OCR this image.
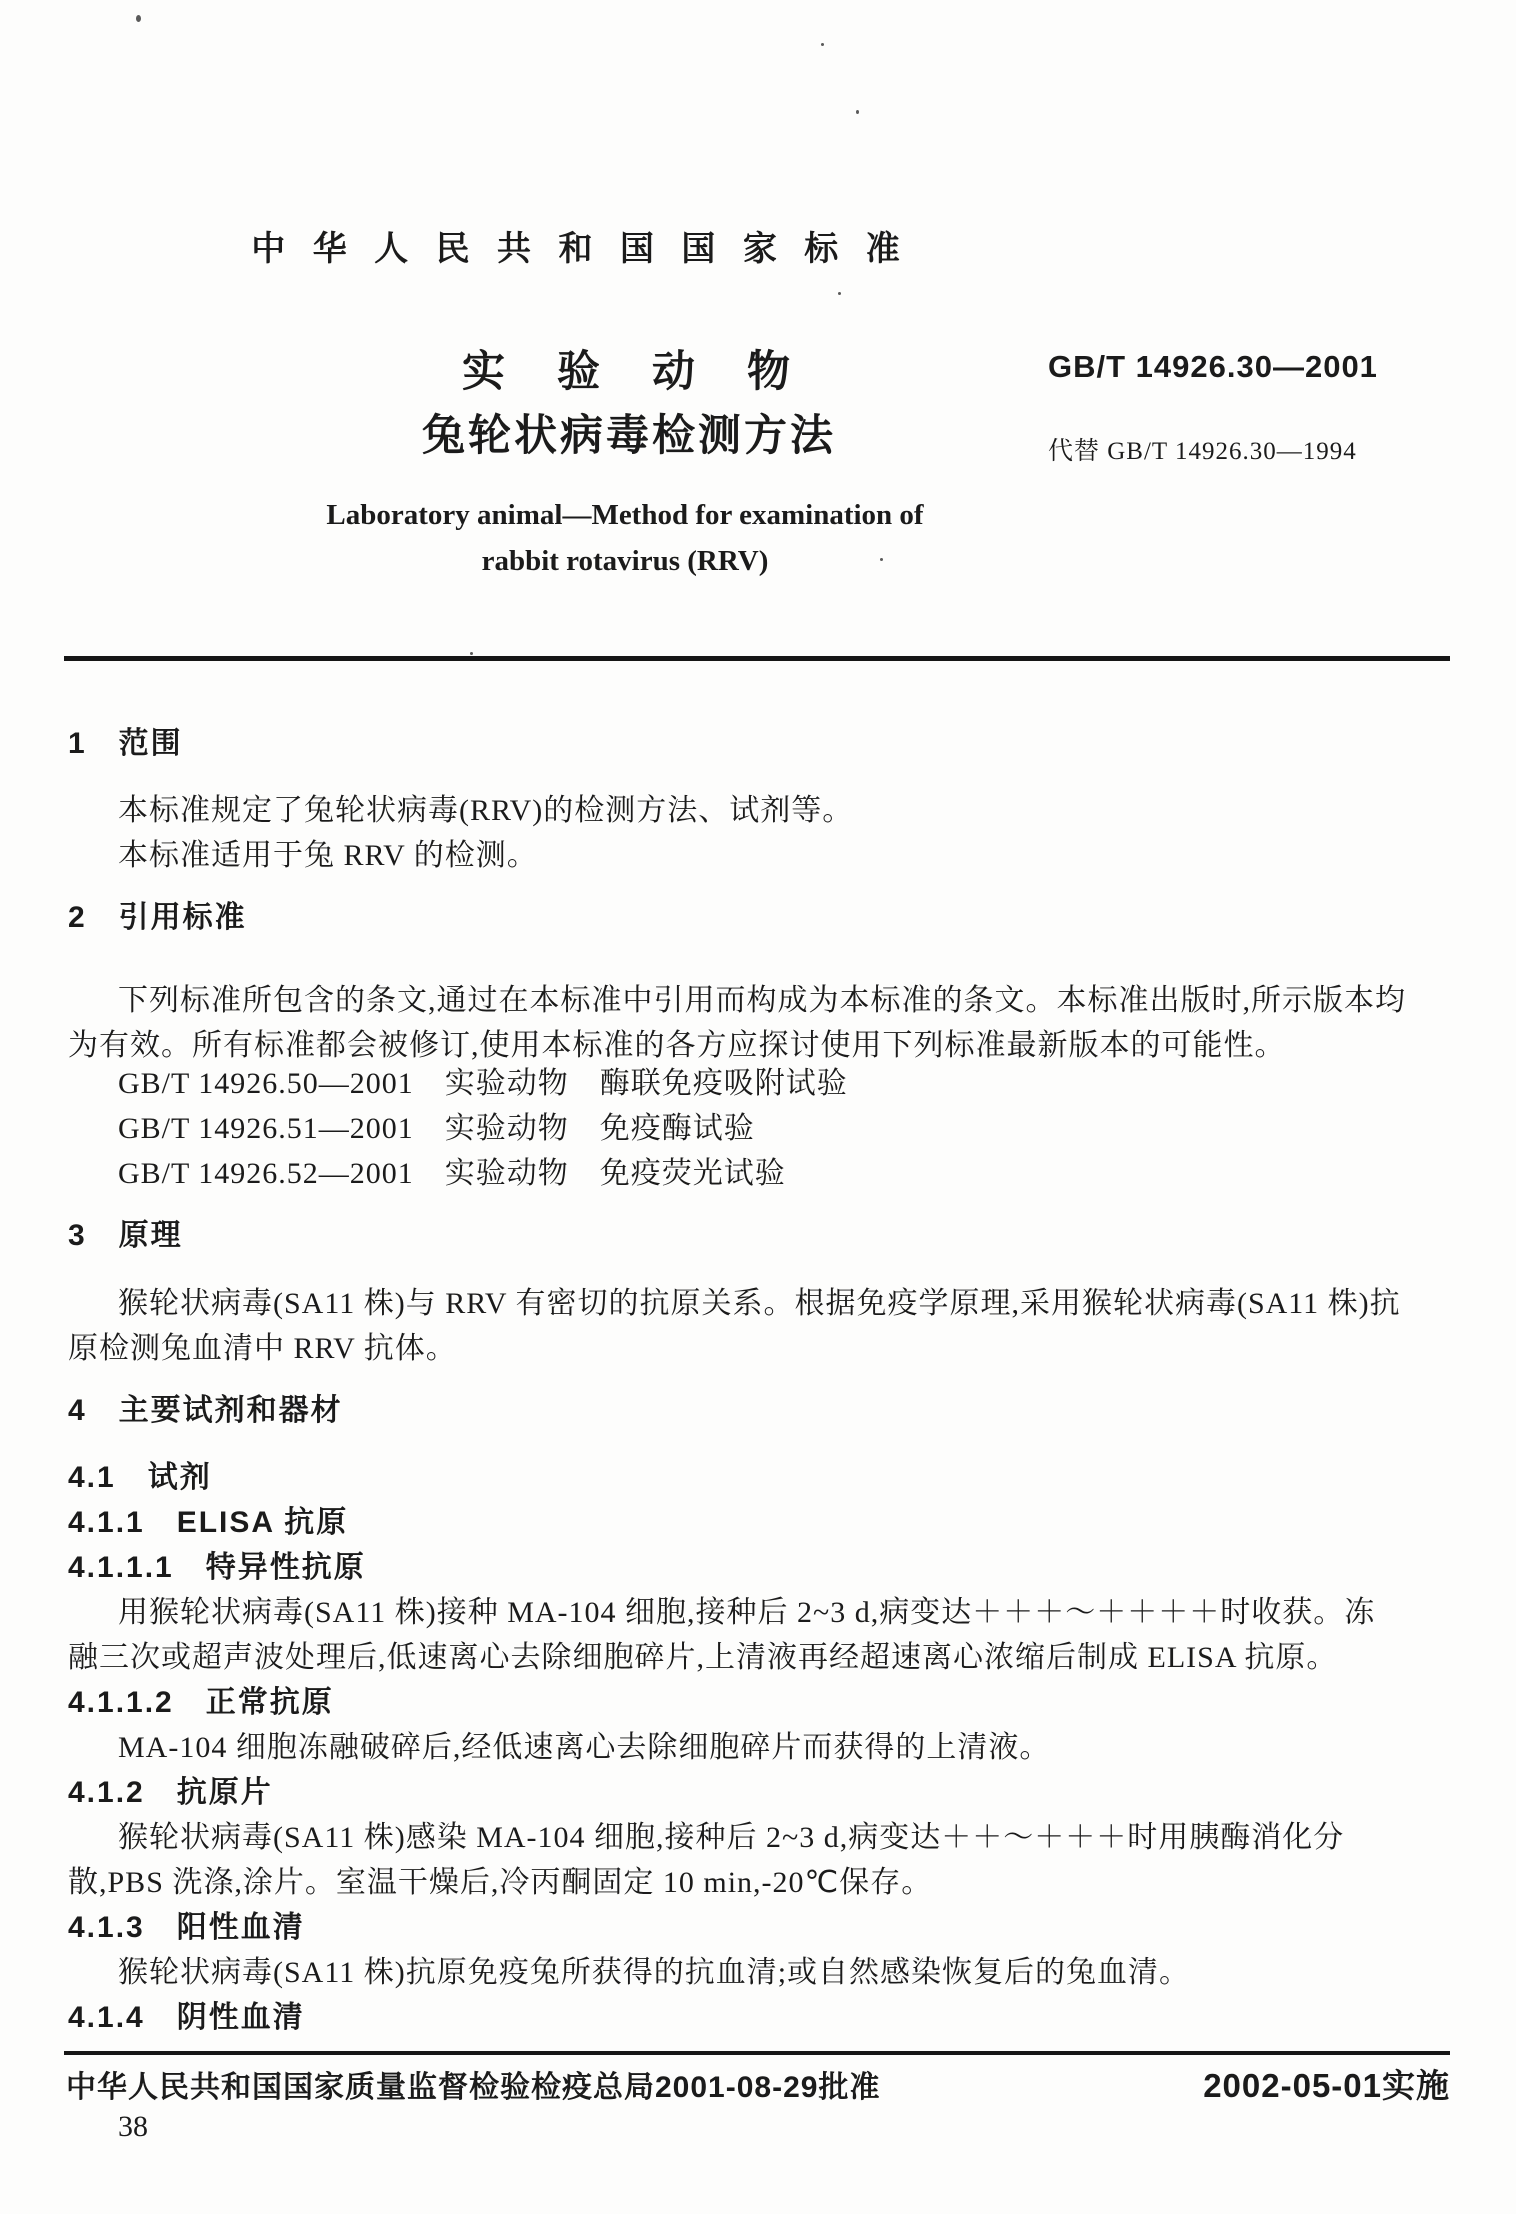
中 华 人 民 共 和 国 国 家 标 准
实验动物
兔轮状病毒检测方法
GB/T 14926.30—2001
代替 GB/T 14926.30—1994
Laboratory animal—Method for examination of
rabbit rotavirus (RRV)
1　范围
本标准规定了兔轮状病毒(RRV)的检测方法、试剂等。
本标准适用于兔 RRV 的检测。
2　引用标准
下列标准所包含的条文,通过在本标准中引用而构成为本标准的条文。本标准出版时,所示版本均
为有效。所有标准都会被修订,使用本标准的各方应探讨使用下列标准最新版本的可能性。
GB/T 14926.50—2001　实验动物　酶联免疫吸附试验
GB/T 14926.51—2001　实验动物　免疫酶试验
GB/T 14926.52—2001　实验动物　免疫荧光试验
3　原理
猴轮状病毒(SA11 株)与 RRV 有密切的抗原关系。根据免疫学原理,采用猴轮状病毒(SA11 株)抗
原检测兔血清中 RRV 抗体。
4　主要试剂和器材
4.1　试剂
4.1.1　ELISA 抗原
4.1.1.1　特异性抗原
用猴轮状病毒(SA11 株)接种 MA-104 细胞,接种后 2~3 d,病变达＋＋＋～＋＋＋＋时收获。冻
融三次或超声波处理后,低速离心去除细胞碎片,上清液再经超速离心浓缩后制成 ELISA 抗原。
4.1.1.2　正常抗原
MA-104 细胞冻融破碎后,经低速离心去除细胞碎片而获得的上清液。
4.1.2　抗原片
猴轮状病毒(SA11 株)感染 MA-104 细胞,接种后 2~3 d,病变达＋＋～＋＋＋时用胰酶消化分
散,PBS 洗涤,涂片。室温干燥后,冷丙酮固定 10 min,-20℃保存。
4.1.3　阳性血清
猴轮状病毒(SA11 株)抗原免疫兔所获得的抗血清;或自然感染恢复后的兔血清。
4.1.4　阴性血清
中华人民共和国国家质量监督检验检疫总局2001-08-29批准	2002-05-01实施
38
